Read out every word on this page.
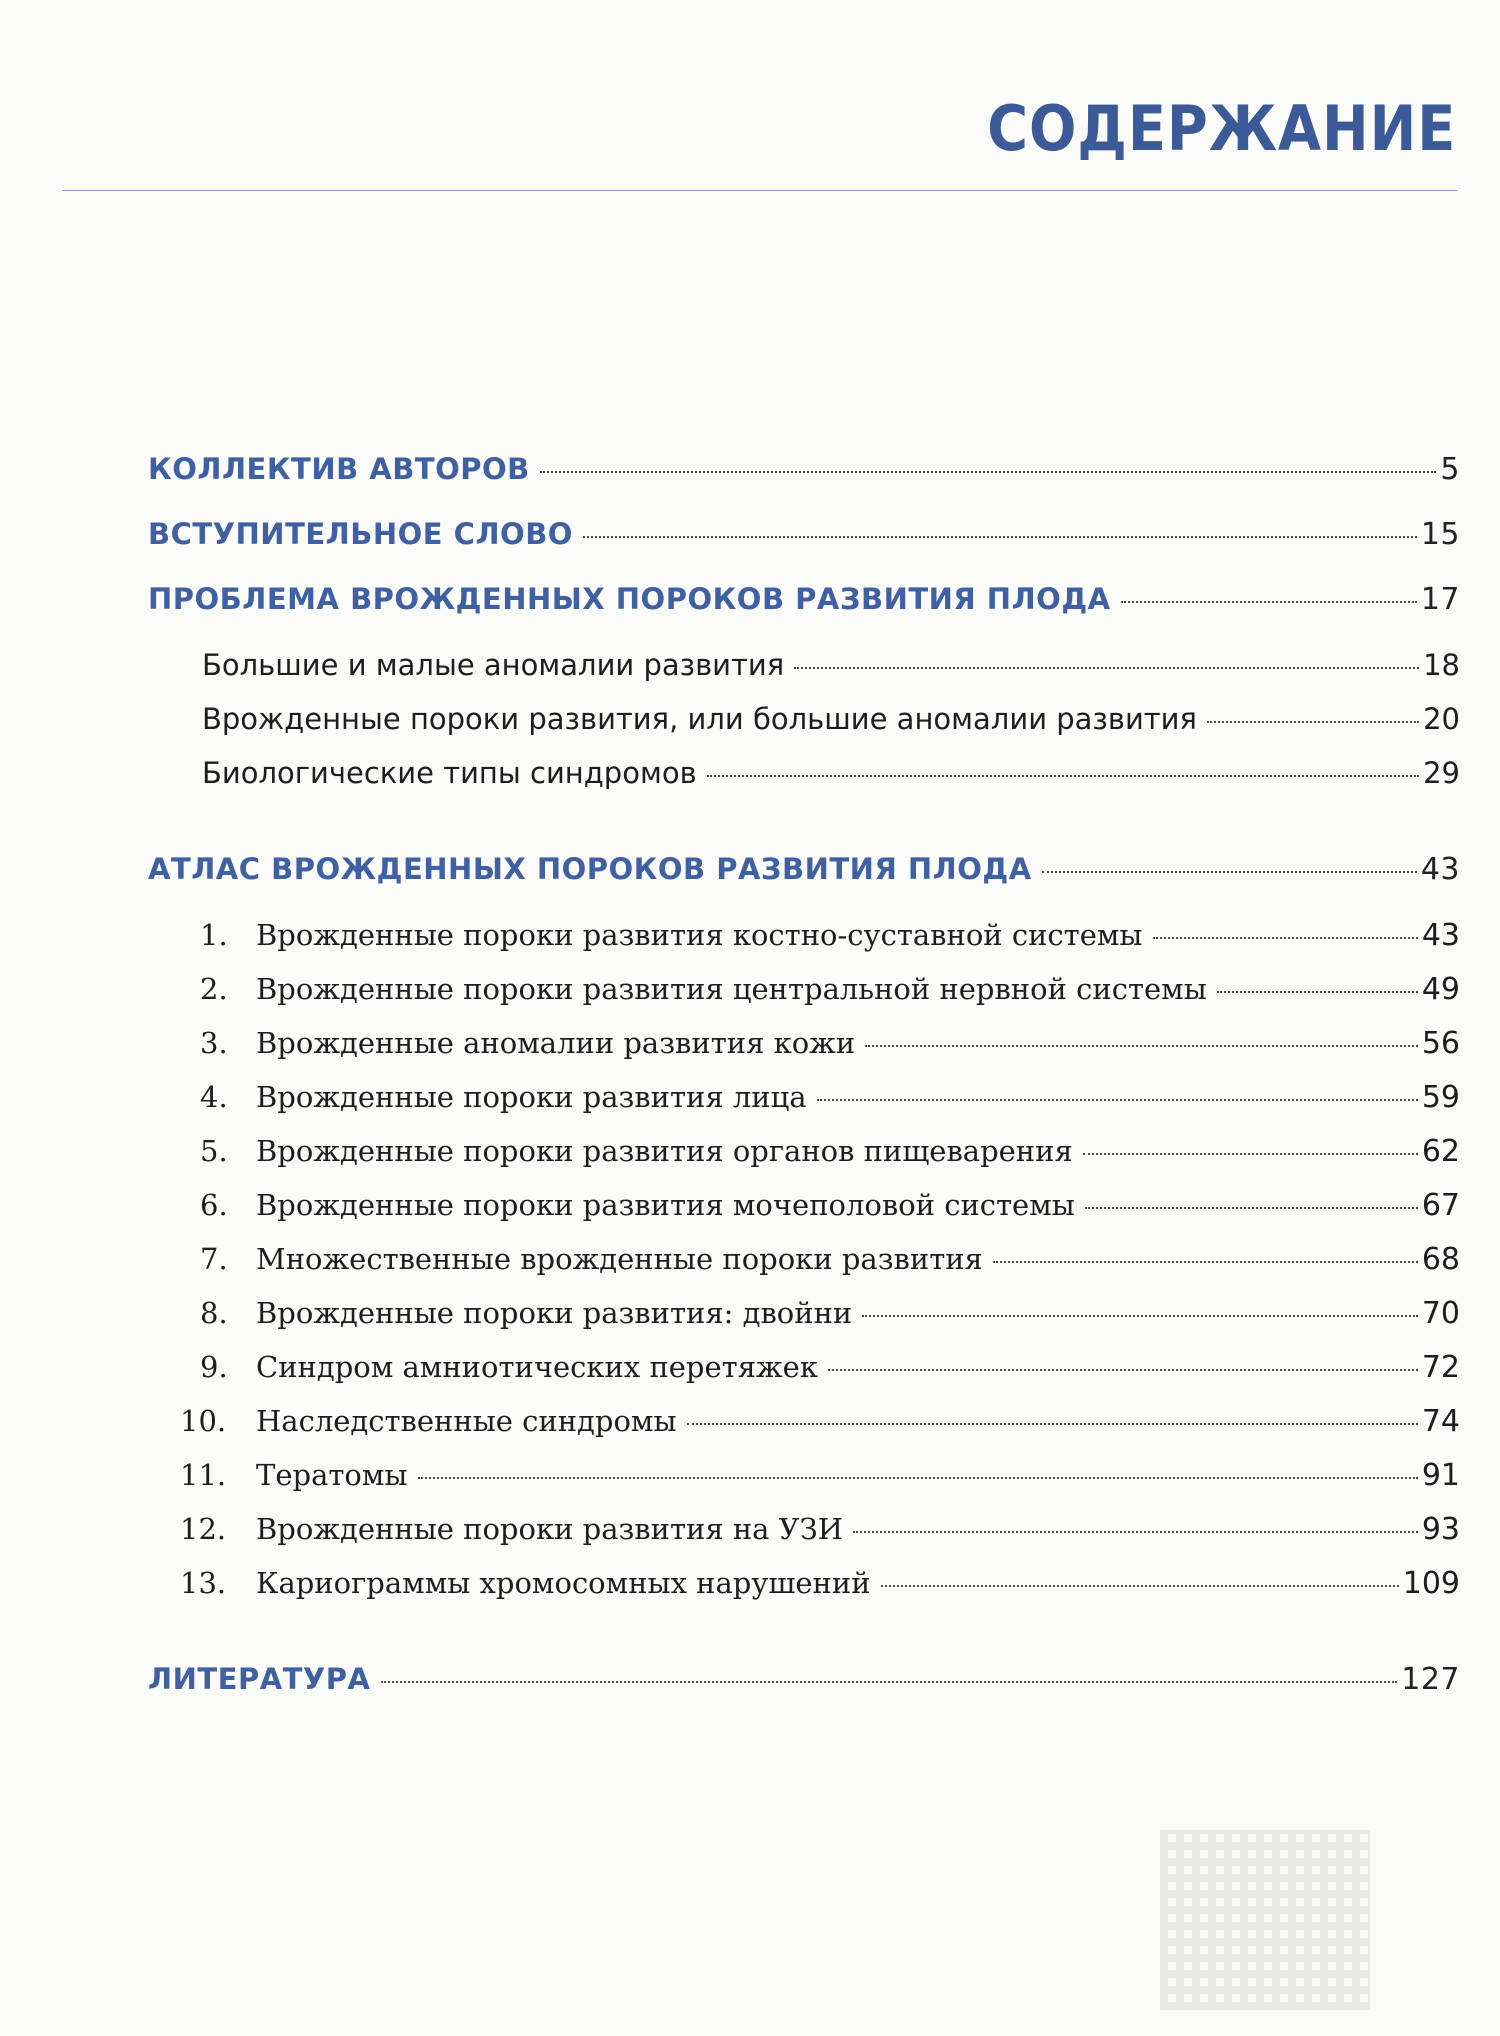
СОДЕРЖАНИЕ
КОЛЛЕКТИВ АВТОРОВ	5
ВСТУПИТЕЛЬНОЕ СЛОВО	15
ПРОБЛЕМА ВРОЖДЕННЫХ ПОРОКОВ РАЗВИТИЯ ПЛОДА	17
Большие и малые аномалии развития	18
Врожденные пороки развития, или большие аномалии развития	20
Биологические типы синдромов	29
АТЛАС ВРОЖДЕННЫХ ПОРОКОВ РАЗВИТИЯ ПЛОДА	43
1. Врожденные пороки развития костно-суставной системы	43
2. Врожденные пороки развития центральной нервной системы	49
3. Врожденные аномалии развития кожи	56
4. Врожденные пороки развития лица	59
5. Врожденные пороки развития органов пищеварения	62
6. Врожденные пороки развития мочеполовой системы	67
7. Множественные врожденные пороки развития	68
8. Врожденные пороки развития: двойни	70
9. Синдром амниотических перетяжек	72
10.	Наследственные синдромы	74
11.	Тератомы	91
12.	Врожденные пороки развития на УЗИ	93
13.	Кариограммы хромосомных нарушений	109
ЛИТЕРАТУРА	127
